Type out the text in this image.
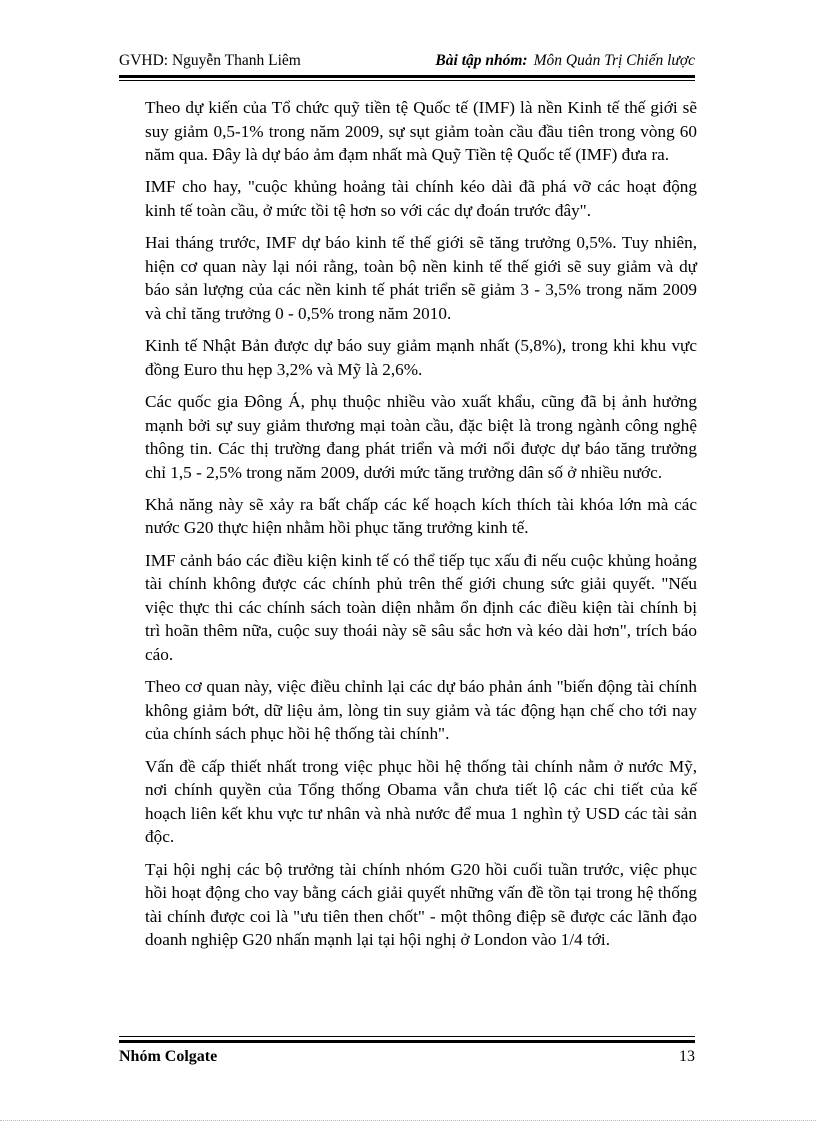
GVHD: Nguyễn Thanh Liêm	Bài tập nhóm: Môn Quản Trị Chiến lược

Theo dự kiến của Tổ chức quỹ tiền tệ Quốc tế (IMF) là nền Kinh tế thế giới sẽ suy giảm 0,5-1% trong năm 2009, sự sụt giảm toàn cầu đầu tiên trong vòng 60 năm qua. Đây là dự báo ảm đạm nhất mà Quỹ Tiền tệ Quốc tế (IMF) đưa ra.

IMF cho hay, "cuộc khủng hoảng tài chính kéo dài đã phá vỡ các hoạt động kinh tế toàn cầu, ở mức tồi tệ hơn so với các dự đoán trước đây".

Hai tháng trước, IMF dự báo kinh tế thế giới sẽ tăng trưởng 0,5%. Tuy nhiên, hiện cơ quan này lại nói rằng, toàn bộ nền kinh tế thế giới sẽ suy giảm và dự báo sản lượng của các nền kinh tế phát triển sẽ giảm 3 - 3,5% trong năm 2009 và chỉ tăng trưởng 0 - 0,5% trong năm 2010.

Kinh tế Nhật Bản được dự báo suy giảm mạnh nhất (5,8%), trong khi khu vực đồng Euro thu hẹp 3,2% và Mỹ là 2,6%.

Các quốc gia Đông Á, phụ thuộc nhiều vào xuất khẩu, cũng đã bị ảnh hưởng mạnh bởi sự suy giảm thương mại toàn cầu, đặc biệt là trong ngành công nghệ thông tin. Các thị trường đang phát triển và mới nổi được dự báo tăng trưởng chỉ 1,5 - 2,5% trong năm 2009, dưới mức tăng trưởng dân số ở nhiều nước.

Khả năng này sẽ xảy ra bất chấp các kế hoạch kích thích tài khóa lớn mà các nước G20 thực hiện nhằm hồi phục tăng trưởng kinh tế.

IMF cảnh báo các điều kiện kinh tế có thể tiếp tục xấu đi nếu cuộc khủng hoảng tài chính không được các chính phủ trên thế giới chung sức giải quyết. "Nếu việc thực thi các chính sách toàn diện nhằm ổn định các điều kiện tài chính bị trì hoãn thêm nữa, cuộc suy thoái này sẽ sâu sắc hơn và kéo dài hơn", trích báo cáo.

Theo cơ quan này, việc điều chỉnh lại các dự báo phản ánh "biến động tài chính không giảm bớt, dữ liệu ảm, lòng tin suy giảm và tác động hạn chế cho tới nay của chính sách phục hồi hệ thống tài chính".

Vấn đề cấp thiết nhất trong việc phục hồi hệ thống tài chính nằm ở nước Mỹ, nơi chính quyền của Tổng thống Obama vẫn chưa tiết lộ các chi tiết của kế hoạch liên kết khu vực tư nhân và nhà nước để mua 1 nghìn tỷ USD các tài sản độc.

Tại hội nghị các bộ trưởng tài chính nhóm G20 hồi cuối tuần trước, việc phục hồi hoạt động cho vay bằng cách giải quyết những vấn đề tồn tại trong hệ thống tài chính được coi là "ưu tiên then chốt" - một thông điệp sẽ được các lãnh đạo doanh nghiệp G20 nhấn mạnh lại tại hội nghị ở London vào 1/4 tới.

Nhóm Colgate	13
